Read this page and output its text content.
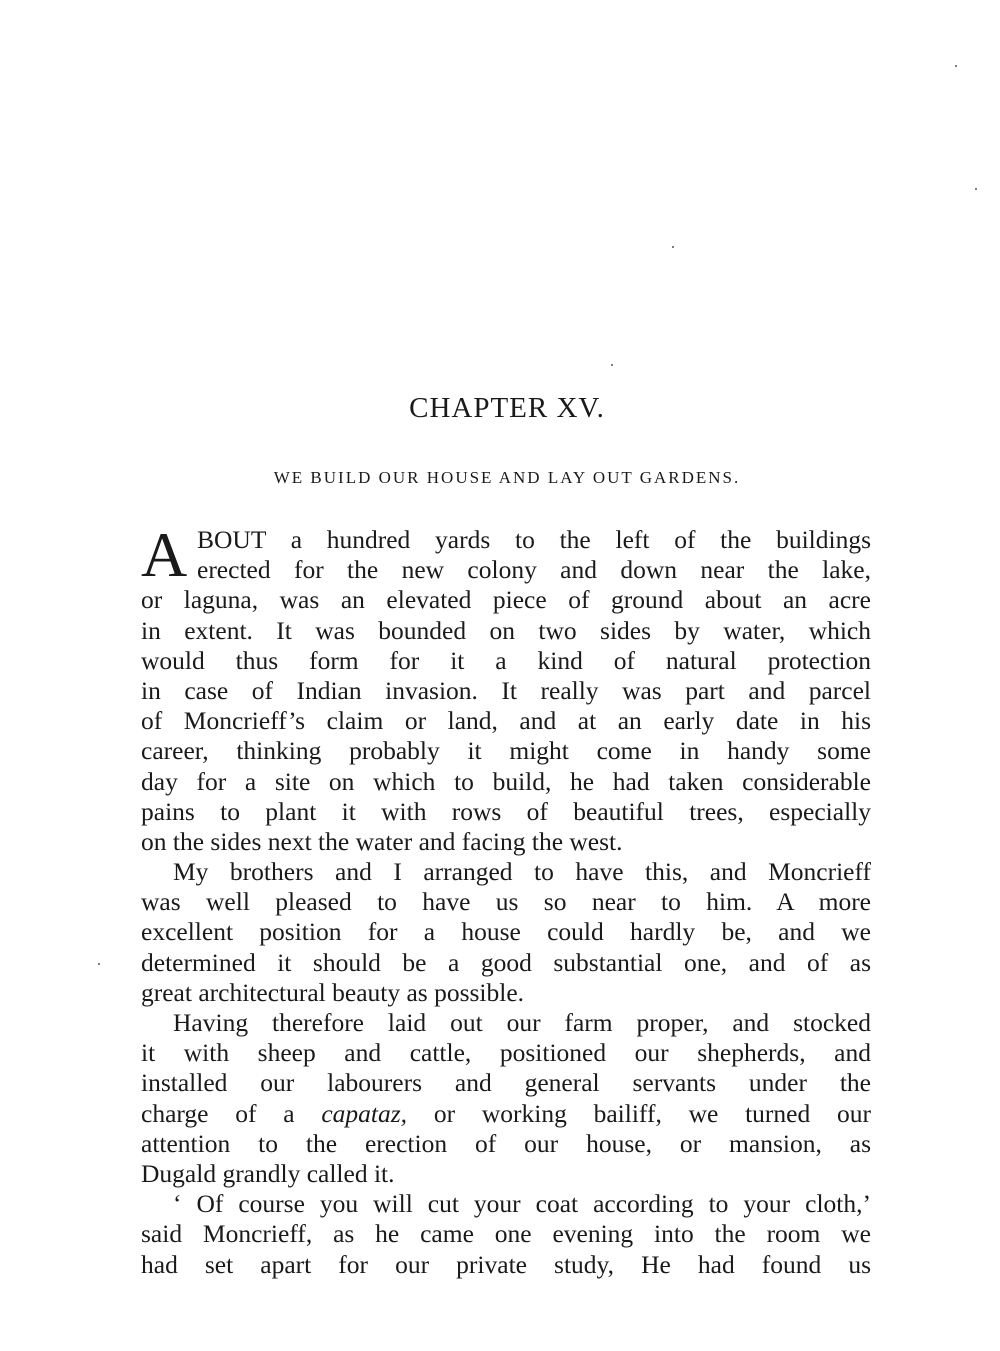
CHAPTER XV.
WE BUILD OUR HOUSE AND LAY OUT GARDENS.
A BOUT a hundred yards to the left of the buildings
erected for the new colony and down near the lake,
or laguna, was an elevated piece of ground about an acre
in extent. It was bounded on two sides by water, which
would thus form for it a kind of natural protection
in case of Indian invasion. It really was part and parcel
of Moncrieff’s claim or land, and at an early date in his
career, thinking probably it might come in handy some
day for a site on which to build, he had taken considerable
pains to plant it with rows of beautiful trees, especially
on the sides next the water and facing the west.
My brothers and I arranged to have this, and Moncrieff
was well pleased to have us so near to him. A more
excellent position for a house could hardly be, and we
determined it should be a good substantial one, and of as
great architectural beauty as possible.
Having therefore laid out our farm proper, and stocked
it with sheep and cattle, positioned our shepherds, and
installed our labourers and general servants under the
charge of a capataz, or working bailiff, we turned our
attention to the erection of our house, or mansion, as
Dugald grandly called it.
‘ Of course you will cut your coat according to your cloth,’
said Moncrieff, as he came one evening into the room we
had set apart for our private study, He had found us
